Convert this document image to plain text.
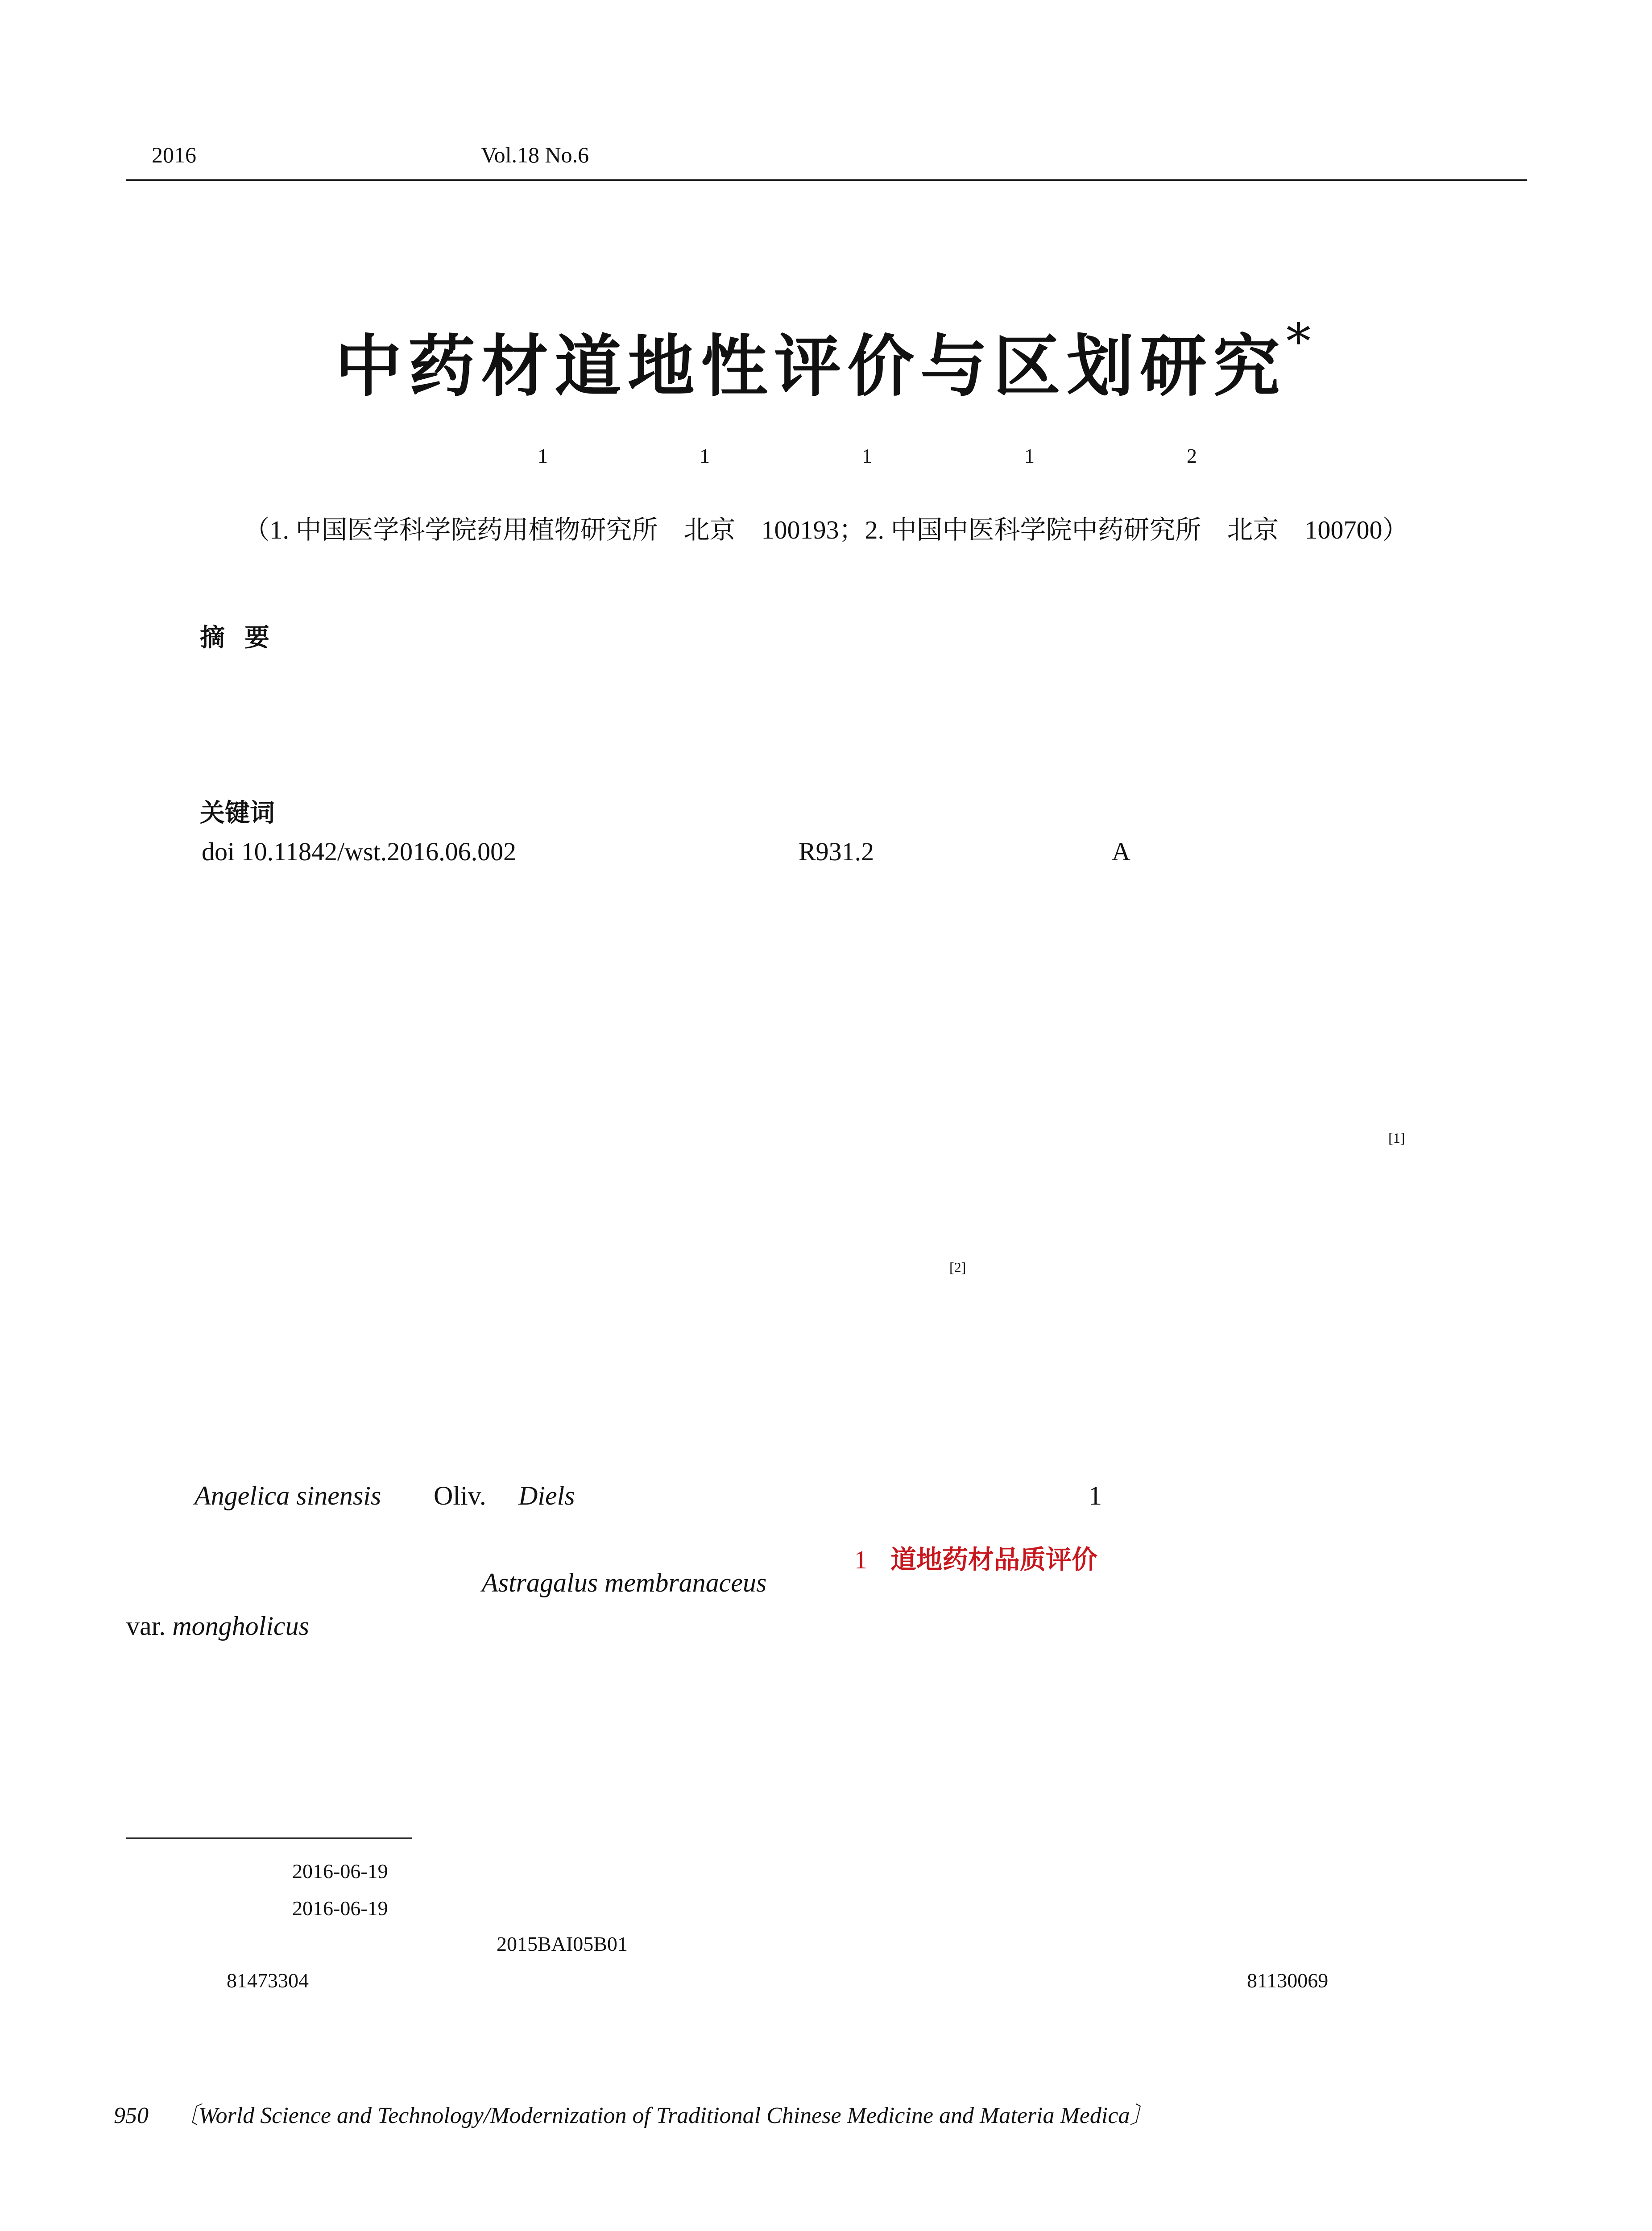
2016	Vol.18 No.6
中药材道地性评价与区划研究*
1	1	1	1	2
（1. 中国医学科学院药用植物研究所　北京　100193；2. 中国中医科学院中药研究所　北京　100700）
摘要
关键词
doi 10.11842/wst.2016.06.002	R931.2	A
[1]
[2]
Angelica sinensis Oliv. Diels	1
Astragalus membranaceus
var. mongholicus
1 道地药材品质评价
2016-06-19
2016-06-19
2015BAI05B01
81473304	81130069
950 〔World Science and Technology/Modernization of Traditional Chinese Medicine and Materia Medica〕
